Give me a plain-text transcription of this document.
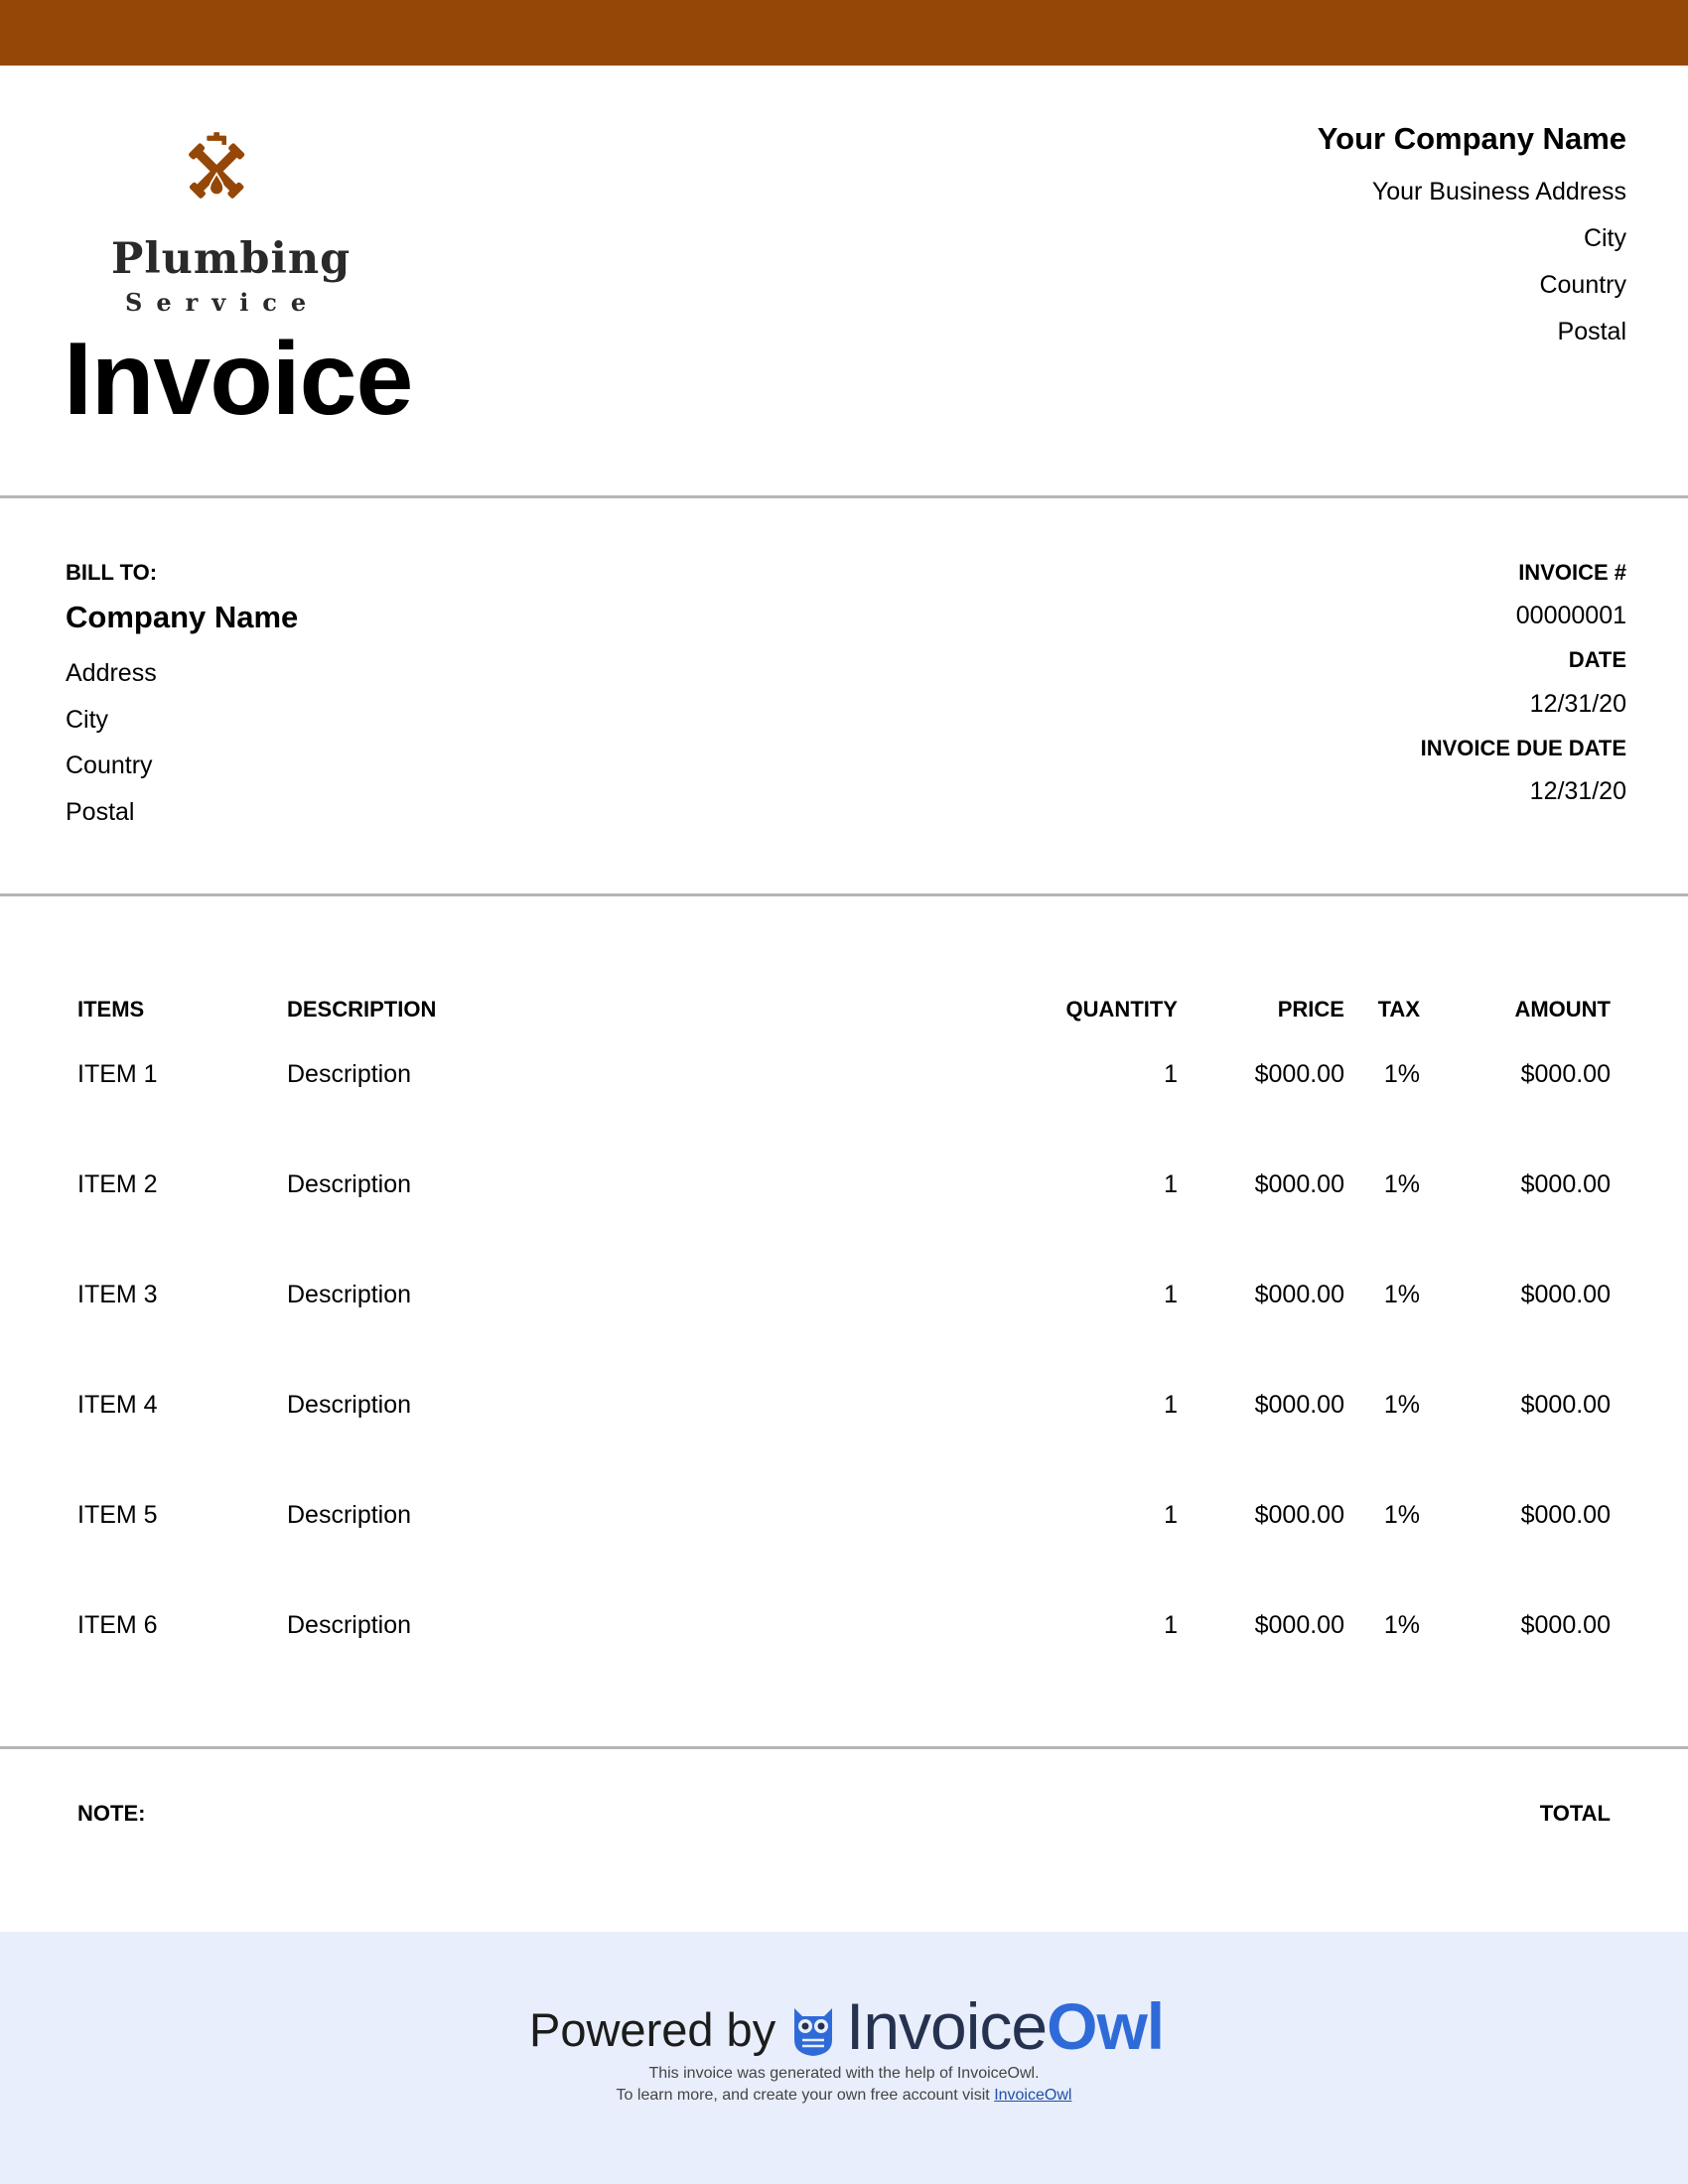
Plumbing
Service
Invoice
Your Company Name
Your Business Address
City
Country
Postal
BILL TO:
Company Name
Address
City
Country
Postal
INVOICE #
00000001
DATE
12/31/20
INVOICE DUE DATE
12/31/20
ITEMS	DESCRIPTION	QUANTITY	PRICE TAX	AMOUNT
ITEM 1	Description	1	$000.00 1%	$000.00
ITEM 2	Description	1	$000.00 1%	$000.00
ITEM 3	Description	1	$000.00 1%	$000.00
ITEM 4	Description	1	$000.00 1%	$000.00
ITEM 5	Description	1	$000.00 1%	$000.00
ITEM 6	Description	1	$000.00 1%	$000.00
NOTE:	TOTAL
Powered by InvoiceOwl
This invoice was generated with the help of InvoiceOwl.
To learn more, and create your own free account visit InvoiceOwl
